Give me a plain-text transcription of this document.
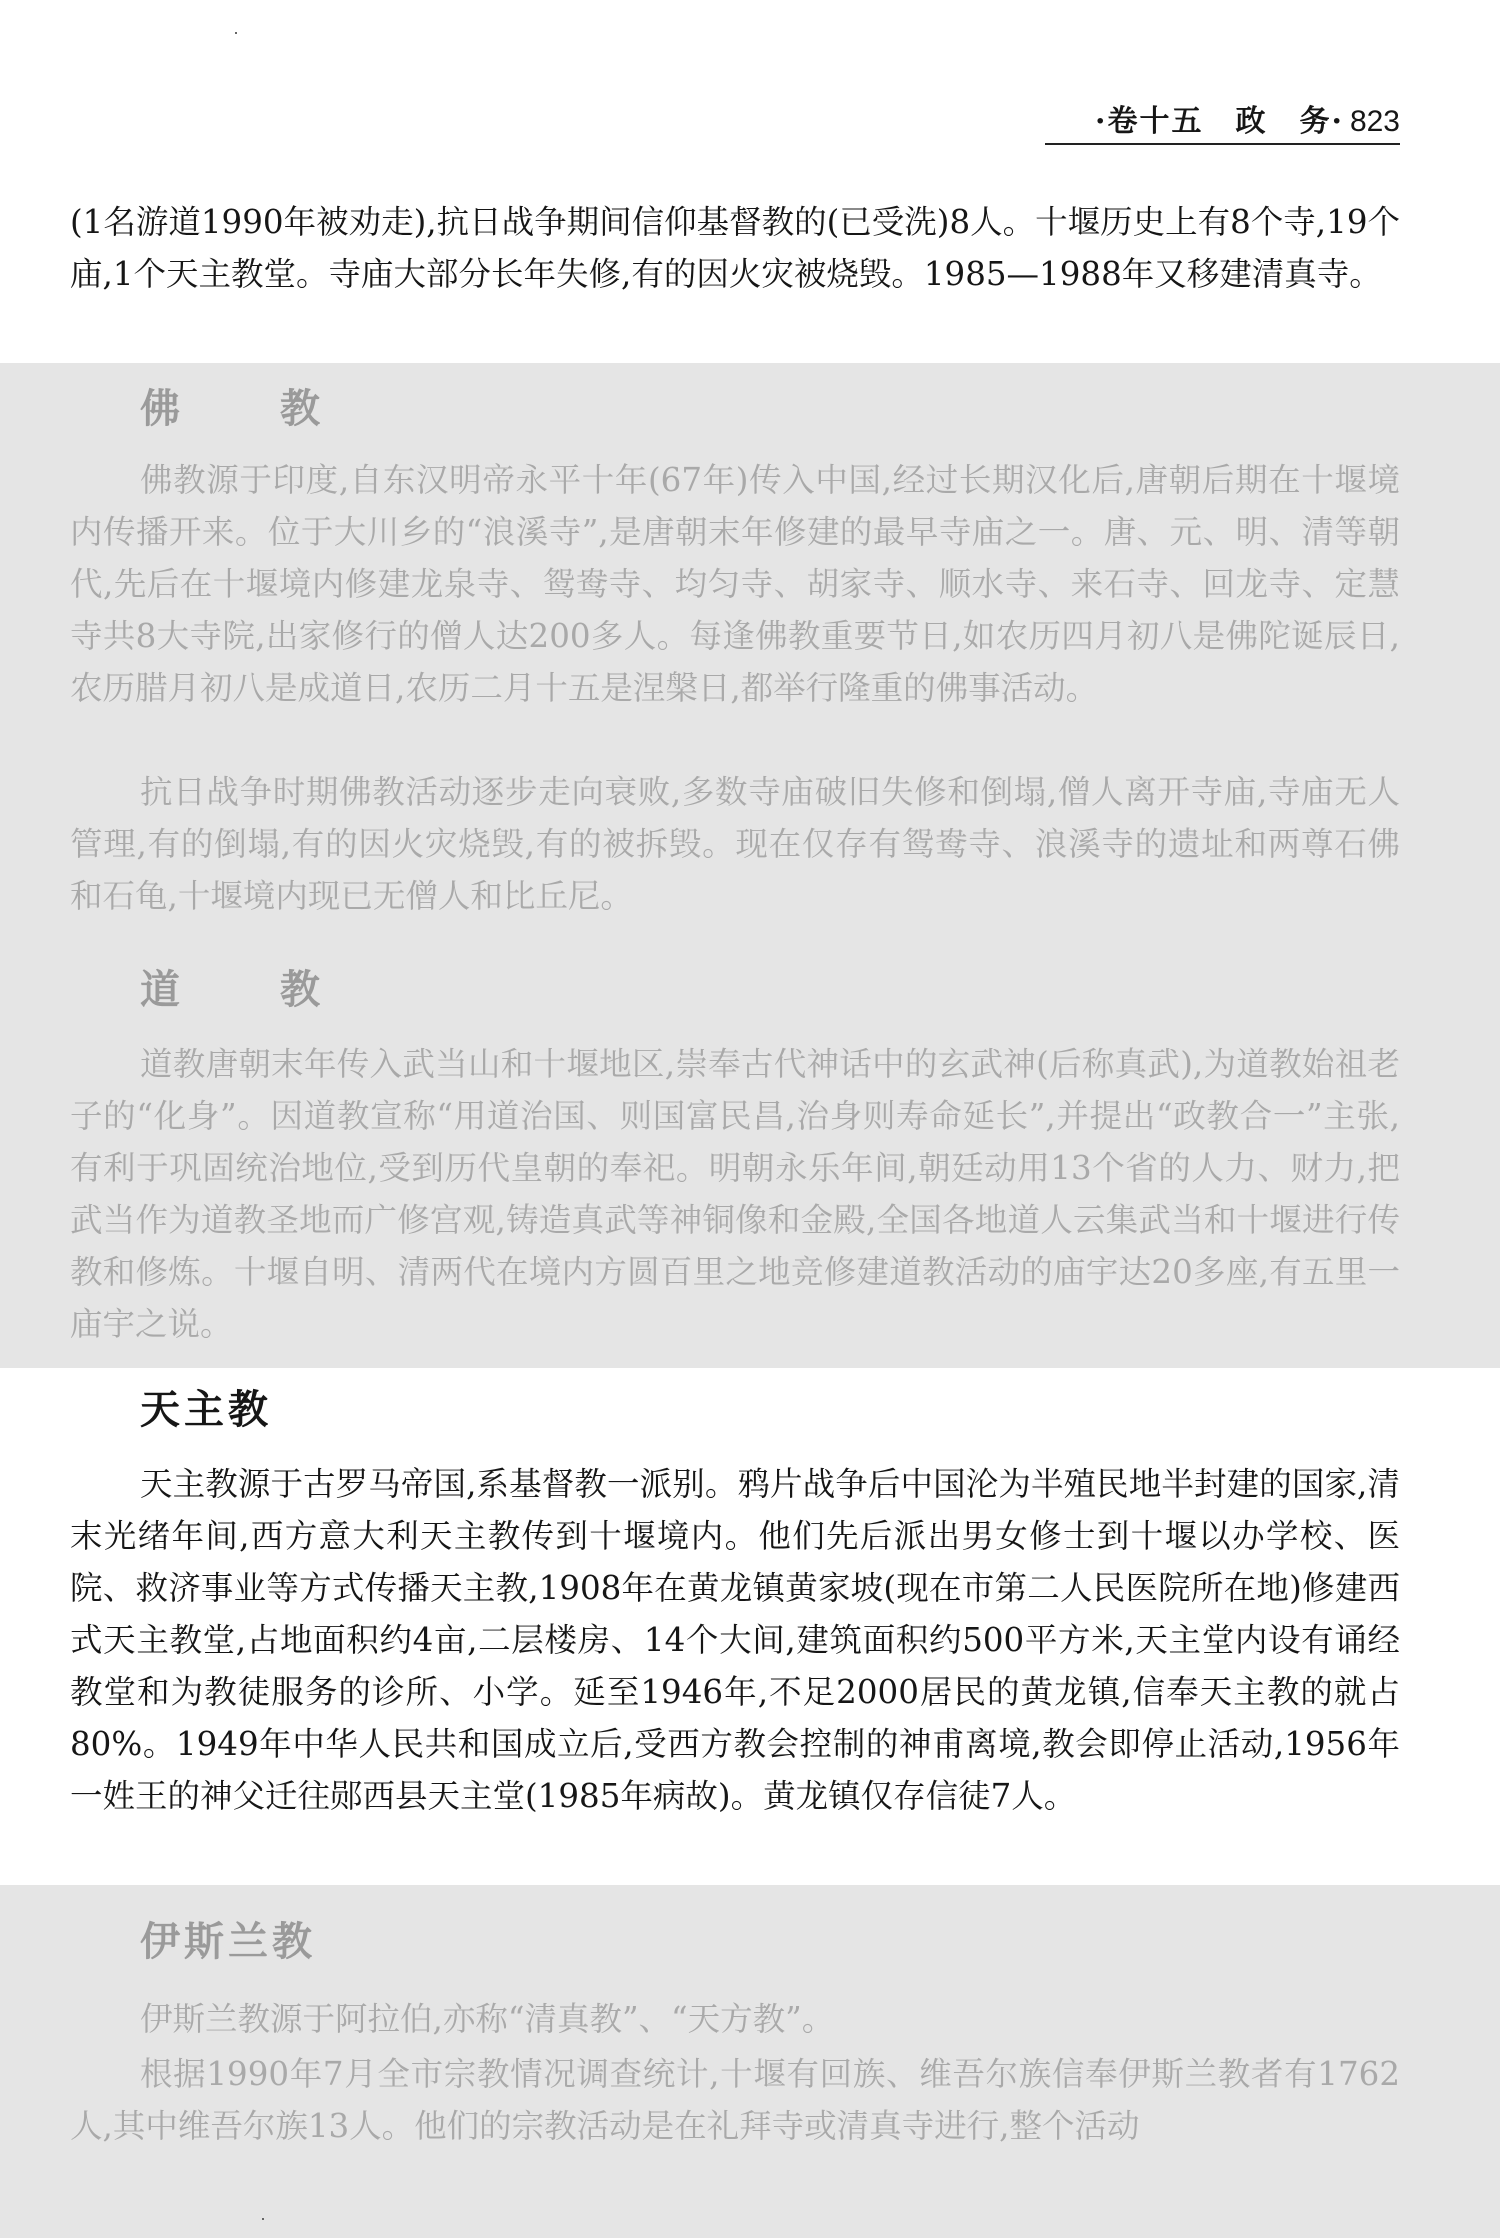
·卷十五　政　务· 823

(1名游道1990年被劝走),抗日战争期间信仰基督教的(已受洗)8人。十堰历史上有8个寺,19个庙,1个天主教堂。寺庙大部分长年失修,有的因火灾被烧毁。1985—1988年又移建清真寺。

佛　教

佛教源于印度,自东汉明帝永平十年(67年)传入中国,经过长期汉化后,唐朝后期在十堰境内传播开来。位于大川乡的“浪溪寺”,是唐朝末年修建的最早寺庙之一。唐、元、明、清等朝代,先后在十堰境内修建龙泉寺、鸳鸯寺、均匀寺、胡家寺、顺水寺、来石寺、回龙寺、定慧寺共8大寺院,出家修行的僧人达200多人。每逢佛教重要节日,如农历四月初八是佛陀诞辰日,农历腊月初八是成道日,农历二月十五是涅槃日,都举行隆重的佛事活动。

抗日战争时期佛教活动逐步走向衰败,多数寺庙破旧失修和倒塌,僧人离开寺庙,寺庙无人管理,有的倒塌,有的因火灾烧毁,有的被拆毁。现在仅存有鸳鸯寺、浪溪寺的遗址和两尊石佛和石龟,十堰境内现已无僧人和比丘尼。

道　教

道教唐朝末年传入武当山和十堰地区,崇奉古代神话中的玄武神(后称真武),为道教始祖老子的“化身”。因道教宣称“用道治国、则国富民昌,治身则寿命延长”,并提出“政教合一”主张,有利于巩固统治地位,受到历代皇朝的奉祀。明朝永乐年间,朝廷动用13个省的人力、财力,把武当作为道教圣地而广修宫观,铸造真武等神铜像和金殿,全国各地道人云集武当和十堰进行传教和修炼。十堰自明、清两代在境内方圆百里之地竞修建道教活动的庙宇达20多座,有五里一庙宇之说。

天主教

天主教源于古罗马帝国,系基督教一派别。鸦片战争后中国沦为半殖民地半封建的国家,清末光绪年间,西方意大利天主教传到十堰境内。他们先后派出男女修士到十堰以办学校、医院、救济事业等方式传播天主教,1908年在黄龙镇黄家坡(现在市第二人民医院所在地)修建西式天主教堂,占地面积约4亩,二层楼房、14个大间,建筑面积约500平方米,天主堂内设有诵经教堂和为教徒服务的诊所、小学。延至1946年,不足2000居民的黄龙镇,信奉天主教的就占80%。1949年中华人民共和国成立后,受西方教会控制的神甫离境,教会即停止活动,1956年一姓王的神父迁往郧西县天主堂(1985年病故)。黄龙镇仅存信徒7人。

伊斯兰教

伊斯兰教源于阿拉伯,亦称“清真教”、“天方教”。

根据1990年7月全市宗教情况调查统计,十堰有回族、维吾尔族信奉伊斯兰教者有1762人,其中维吾尔族13人。他们的宗教活动是在礼拜寺或清真寺进行,整个活动
